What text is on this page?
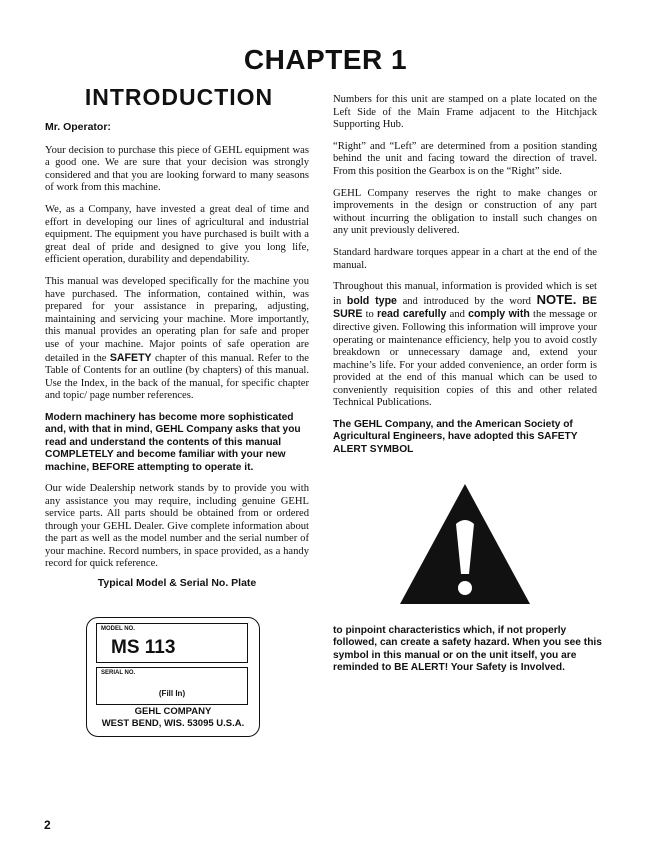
CHAPTER 1
INTRODUCTION

Mr. Operator:

Your decision to purchase this piece of GEHL equipment was a good one. We are sure that your decision was strongly considered and that you are looking forward to many seasons of work from this machine.

We, as a Company, have invested a great deal of time and effort in developing our lines of agricultural and industrial equipment. The equipment you have purchased is built with a great deal of pride and designed to give you long life, efficient operation, durability and dependability.

This manual was developed specifically for the machine you have purchased. The information, contained within, was prepared for your assistance in preparing, adjusting, maintaining and servicing your machine. More importantly, this manual provides an operating plan for safe and proper use of your machine. Major points of safe operation are detailed in the SAFETY chapter of this manual. Refer to the Table of Contents for an outline (by chapters) of this manual. Use the Index, in the back of the manual, for specific chapter and topic/ page number references.

Modern machinery has become more sophisticated and, with that in mind, GEHL Company asks that you read and understand the contents of this manual COMPLETELY and become familiar with your new machine, BEFORE attempting to operate it.

Our wide Dealership network stands by to provide you with any assistance you may require, including genuine GEHL service parts. All parts should be obtained from or ordered through your GEHL Dealer. Give complete information about the part as well as the model number and the serial number of your machine. Record numbers, in space provided, as a handy record for quick reference.

Typical Model & Serial No. Plate
MODEL NO.
MS 113
SERIAL NO.
(Fill In)
GEHL COMPANY
WEST BEND, WIS. 53095 U.S.A.

Numbers for this unit are stamped on a plate located on the Left Side of the Main Frame adjacent to the Hitchjack Supporting Hub.

“Right” and “Left” are determined from a position standing behind the unit and facing toward the direction of travel. From this position the Gearbox is on the “Right” side.

GEHL Company reserves the right to make changes or improvements in the design or construction of any part without incurring the obligation to install such changes on any unit previously delivered.

Standard hardware torques appear in a chart at the end of the manual.

Throughout this manual, information is provided which is set in bold type and introduced by the word NOTE. BE SURE to read carefully and comply with the message or directive given. Following this information will improve your operating or maintenance efficiency, help you to avoid costly breakdown or unnecessary damage and, extend your machine’s life. For your added convenience, an order form is provided at the end of this manual which can be used to conveniently requisition copies of this and other related Technical Publications.

The GEHL Company, and the American Society of Agricultural Engineers, have adopted this SAFETY ALERT SYMBOL

to pinpoint characteristics which, if not properly followed, can create a safety hazard. When you see this symbol in this manual or on the unit itself, you are reminded to BE ALERT! Your Safety is Involved.
2
